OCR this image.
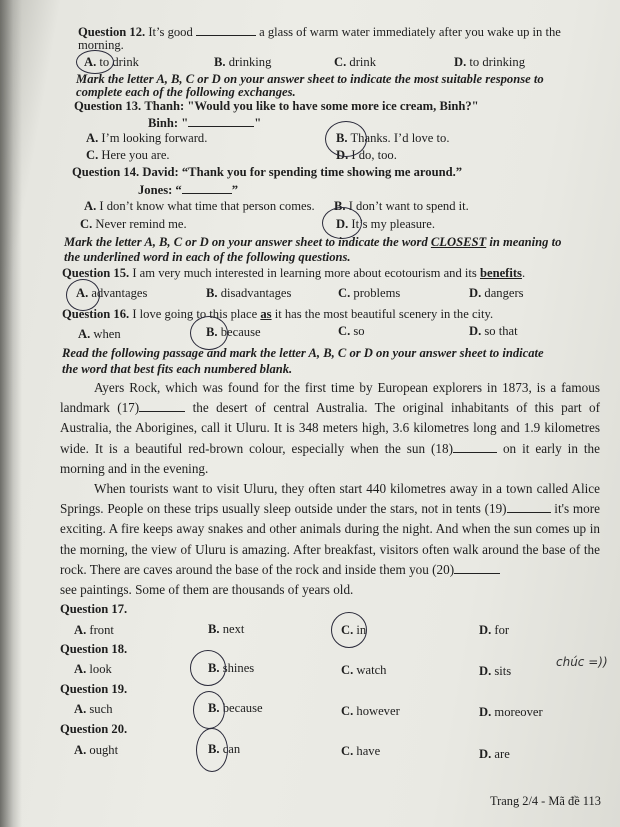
Question 12. It’s good	a glass of warm water immediately after you wake up in the
morning.
A. to drink	B. drinking	C. drink	D. to drinking
Mark the letter A, B, C or D on your answer sheet to indicate the most suitable response to
complete each of the following exchanges.
Question 13. Thanh: "Would you like to have some more ice cream, Binh?"
Binh: "	"
A. I’m looking forward.	B. Thanks. I’d love to.
C. Here you are.	D. I do, too.
Question 14. David: “Thank you for spending time showing me around.”
Jones: “	”
A. I don’t know what time that person comes. B. I don’t want to spend it.
C. Never remind me.	D. It’s my pleasure.
Mark the letter A, B, C or D on your answer sheet to indicate the word CLOSEST in meaning to
the underlined word in each of the following questions.
Question 15. I am very much interested in learning more about ecotourism and its benefits.
A. advantages	B. disadvantages	C. problems	D. dangers
Question 16. I love going to this place as it has the most beautiful scenery in the city.
A. when	B. because	C. so	D. so that
Read the following passage and mark the letter A, B, C or D on your answer sheet to indicate
the word that best fits each numbered blank.

Ayers Rock, which was found for the first time by European explorers in 1873, is a famous landmark (17)	the desert of central Australia. The original inhabitants of this part of Australia, the Aborigines, call it Uluru. It is 348 meters high, 3.6 kilometres long and 1.9 kilometres wide. It is a beautiful red-brown colour, especially when the sun (18)	on it early in the morning and in the evening.

When tourists want to visit Uluru, they often start 440 kilometres away in a town called Alice Springs. People on these trips usually sleep outside under the stars, not in tents (19)	it's more exciting. A fire keeps away snakes and other animals during the night. And when the sun comes up in the morning, the view of Uluru is amazing. After breakfast, visitors often walk around the base of the rock. There are caves around the base of the rock and inside them you (20)

see paintings. Some of them are thousands of years old.

Question 17.
A. front	B. next	C. in	D. for
Question 18.
A. look	B. shines	C. watch	D. sits
chúc =))
Question 19.
A. such	B. because	C. however	D. moreover
Question 20.
A. ought	B. can	C. have	D. are
Trang 2/4 - Mã đề 113
